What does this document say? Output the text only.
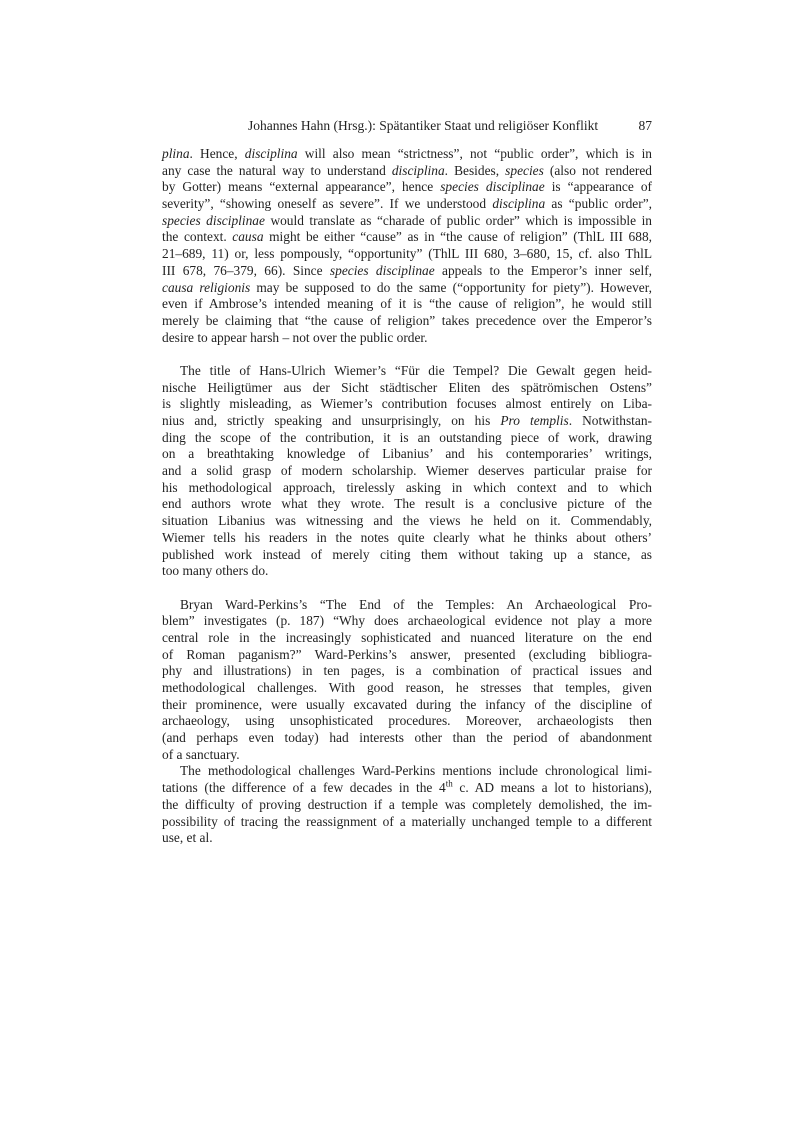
Johannes Hahn (Hrsg.): Spätantiker Staat und religiöser Konflikt	87
plina. Hence, disciplina will also mean “strictness”, not “public order”, which is in
any case the natural way to understand disciplina. Besides, species (also not rendered
by Gotter) means “external appearance”, hence species disciplinae is “appearance of
severity”, “showing oneself as severe”. If we understood disciplina as “public order”,
species disciplinae would translate as “charade of public order” which is impossible in
the context. causa might be either “cause” as in “the cause of religion” (ThlL III 688,
21–689, 11) or, less pompously, “opportunity” (ThlL III 680, 3–680, 15, cf. also ThlL
III 678, 76–379, 66). Since species disciplinae appeals to the Emperor’s inner self,
causa religionis may be supposed to do the same (“opportunity for piety”). However,
even if Ambrose’s intended meaning of it is “the cause of religion”, he would still
merely be claiming that “the cause of religion” takes precedence over the Emperor’s
desire to appear harsh – not over the public order.
The title of Hans-Ulrich Wiemer’s “Für die Tempel? Die Gewalt gegen heid-
nische Heiligtümer aus der Sicht städtischer Eliten des spätrömischen Ostens”
is slightly misleading, as Wiemer’s contribution focuses almost entirely on Liba-
nius and, strictly speaking and unsurprisingly, on his Pro templis. Notwithstan-
ding the scope of the contribution, it is an outstanding piece of work, drawing
on a breathtaking knowledge of Libanius’ and his contemporaries’ writings,
and a solid grasp of modern scholarship. Wiemer deserves particular praise for
his methodological approach, tirelessly asking in which context and to which
end authors wrote what they wrote. The result is a conclusive picture of the
situation Libanius was witnessing and the views he held on it. Commendably,
Wiemer tells his readers in the notes quite clearly what he thinks about others’
published work instead of merely citing them without taking up a stance, as
too many others do.
Bryan Ward-Perkins’s “The End of the Temples: An Archaeological Pro-
blem” investigates (p. 187) “Why does archaeological evidence not play a more
central role in the increasingly sophisticated and nuanced literature on the end
of Roman paganism?” Ward-Perkins’s answer, presented (excluding bibliogra-
phy and illustrations) in ten pages, is a combination of practical issues and
methodological challenges. With good reason, he stresses that temples, given
their prominence, were usually excavated during the infancy of the discipline of
archaeology, using unsophisticated procedures. Moreover, archaeologists then
(and perhaps even today) had interests other than the period of abandonment
of a sanctuary.
The methodological challenges Ward-Perkins mentions include chronological limi-
tations (the difference of a few decades in the 4th c. AD means a lot to historians),
the difficulty of proving destruction if a temple was completely demolished, the im-
possibility of tracing the reassignment of a materially unchanged temple to a different
use, et al.
